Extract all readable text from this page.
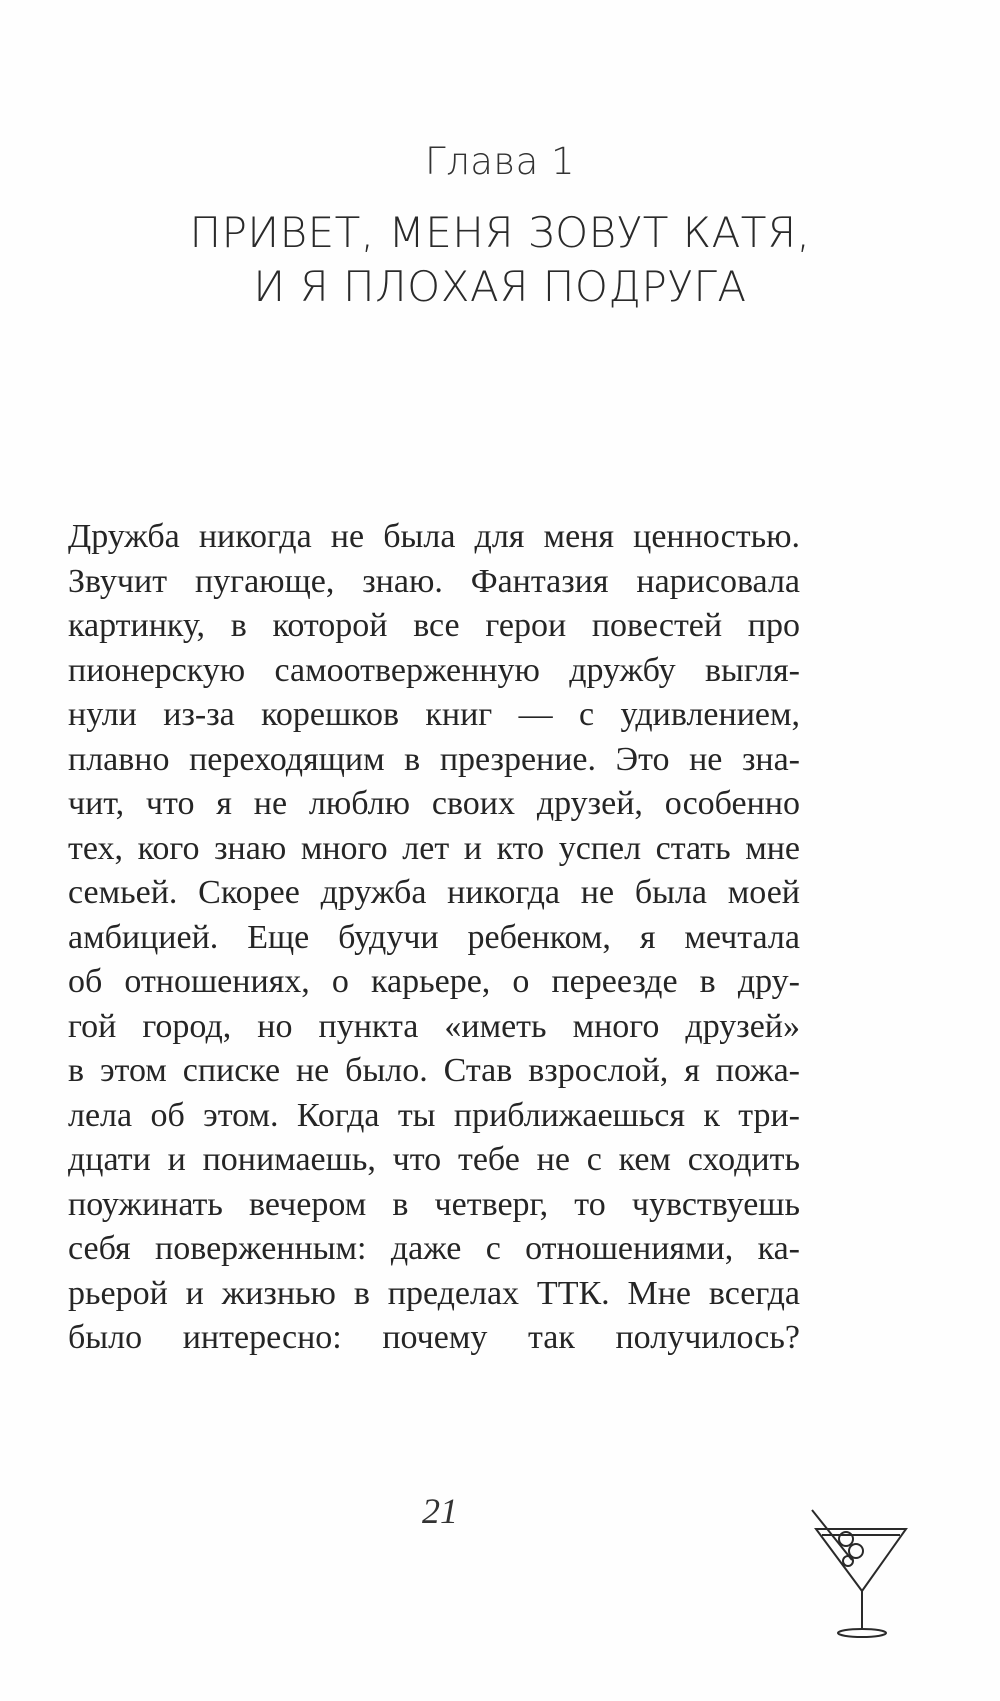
Глава 1
ПРИВЕТ, МЕНЯ ЗОВУТ КАТЯ,
И Я ПЛОХАЯ ПОДРУГА
Дружба никогда не была для меня ценностью.
Звучит пугающе, знаю. Фантазия нарисовала
картинку, в которой все герои повестей про
пионерскую самоотверженную дружбу выгля-
нули из-за корешков книг — с удивлением,
плавно переходящим в презрение. Это не зна-
чит, что я не люблю своих друзей, особенно
тех, кого знаю много лет и кто успел стать мне
семьей. Скорее дружба никогда не была моей
амбицией. Еще будучи ребенком, я мечтала
об отношениях, о карьере, о переезде в дру-
гой город, но пункта «иметь много друзей»
в этом списке не было. Став взрослой, я пожа-
лела об этом. Когда ты приближаешься к три-
дцати и понимаешь, что тебе не с кем сходить
поужинать вечером в четверг, то чувствуешь
себя поверженным: даже с отношениями, ка-
рьерой и жизнью в пределах ТТК. Мне всегда
было интересно: почему так получилось?
21
